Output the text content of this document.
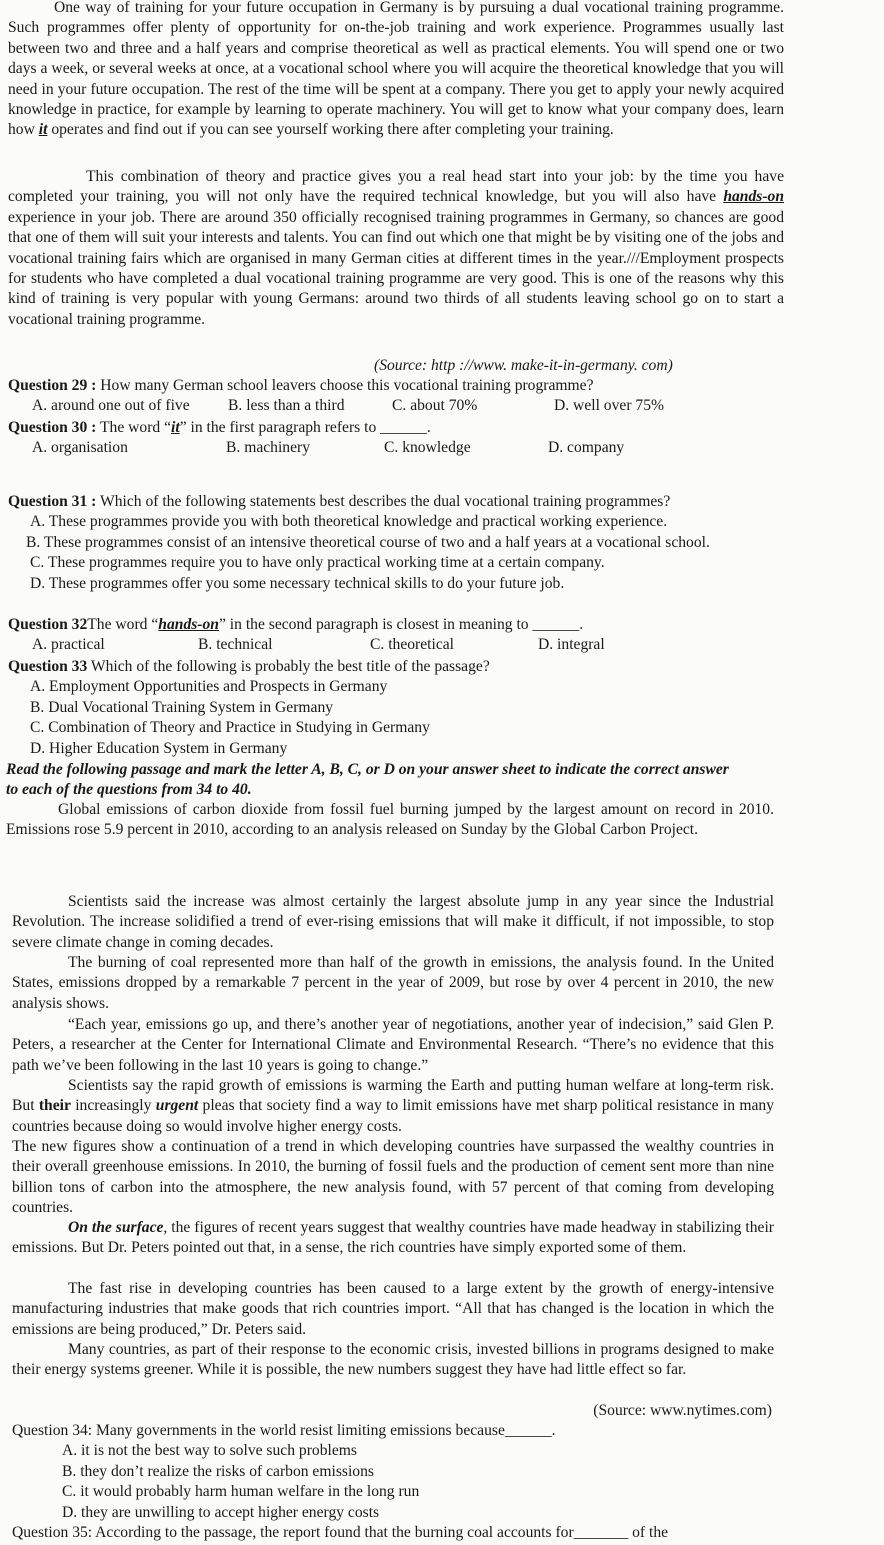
One way of training for your future occupation in Germany is by pursuing a dual vocational training programme. Such programmes offer plenty of opportunity for on-the-job training and work experience. Programmes usually last between two and three and a half years and comprise theoretical as well as practical elements. You will spend one or two days a week, or several weeks at once, at a vocational school where you will acquire the theoretical knowledge that you will need in your future occupation. The rest of the time will be spent at a company. There you get to apply your newly acquired knowledge in practice, for example by learning to operate machinery. You will get to know what your company does, learn how it operates and find out if you can see yourself working there after completing your training.
This combination of theory and practice gives you a real head start into your job: by the time you have completed your training, you will not only have the required technical knowledge, but you will also have hands-on experience in your job. There are around 350 officially recognised training programmes in Germany, so chances are good that one of them will suit your interests and talents. You can find out which one that might be by visiting one of the jobs and vocational training fairs which are organised in many German cities at different times in the year.///Employment prospects for students who have completed a dual vocational training programme are very good. This is one of the reasons why this kind of training is very popular with young Germans: around two thirds of all students leaving school go on to start a vocational training programme.
(Source: http ://www. make-it-in-germany. com)
Question 29 : How many German school leavers choose this vocational training programme?
A. around one out of five B. less than a third	C. about 70%	D. well over 75%
Question 30 : The word “it” in the first paragraph refers to ______.
A. organisation	B. machinery	C. knowledge	D. company
Question 31 : Which of the following statements best describes the dual vocational training programmes?
A. These programmes provide you with both theoretical knowledge and practical working experience.
B. These programmes consist of an intensive theoretical course of two and a half years at a vocational school.
C. These programmes require you to have only practical working time at a certain company.
D. These programmes offer you some necessary technical skills to do your future job.
Question 32The word “hands-on” in the second paragraph is closest in meaning to ______.
A. practical	B. technical	C. theoretical	D. integral
Question 33 Which of the following is probably the best title of the passage?
A. Employment Opportunities and Prospects in Germany
B. Dual Vocational Training System in Germany
C. Combination of Theory and Practice in Studying in Germany
D. Higher Education System in Germany
Read the following passage and mark the letter A, B, C, or D on your answer sheet to indicate the correct answer to each of the questions from 34 to 40.
Global emissions of carbon dioxide from fossil fuel burning jumped by the largest amount on record in 2010. Emissions rose 5.9 percent in 2010, according to an analysis released on Sunday by the Global Carbon Project.
Scientists said the increase was almost certainly the largest absolute jump in any year since the Industrial Revolution. The increase solidified a trend of ever-rising emissions that will make it difficult, if not impossible, to stop severe climate change in coming decades.
The burning of coal represented more than half of the growth in emissions, the analysis found. In the United States, emissions dropped by a remarkable 7 percent in the year of 2009, but rose by over 4 percent in 2010, the new analysis shows.
“Each year, emissions go up, and there’s another year of negotiations, another year of indecision,” said Glen P. Peters, a researcher at the Center for International Climate and Environmental Research. “There’s no evidence that this path we’ve been following in the last 10 years is going to change.”
Scientists say the rapid growth of emissions is warming the Earth and putting human welfare at long-term risk. But their increasingly urgent pleas that society find a way to limit emissions have met sharp political resistance in many countries because doing so would involve higher energy costs.
The new figures show a continuation of a trend in which developing countries have surpassed the wealthy countries in their overall greenhouse emissions. In 2010, the burning of fossil fuels and the production of cement sent more than nine billion tons of carbon into the atmosphere, the new analysis found, with 57 percent of that coming from developing countries.
On the surface, the figures of recent years suggest that wealthy countries have made headway in stabilizing their emissions. But Dr. Peters pointed out that, in a sense, the rich countries have simply exported some of them.
The fast rise in developing countries has been caused to a large extent by the growth of energy-intensive manufacturing industries that make goods that rich countries import. “All that has changed is the location in which the emissions are being produced,” Dr. Peters said.
Many countries, as part of their response to the economic crisis, invested billions in programs designed to make their energy systems greener. While it is possible, the new numbers suggest they have had little effect so far.
(Source: www.nytimes.com)
Question 34: Many governments in the world resist limiting emissions because______.
A. it is not the best way to solve such problems
B. they don’t realize the risks of carbon emissions
C. it would probably harm human welfare in the long run
D. they are unwilling to accept higher energy costs
Question 35: According to the passage, the report found that the burning coal accounts for_______ of the
